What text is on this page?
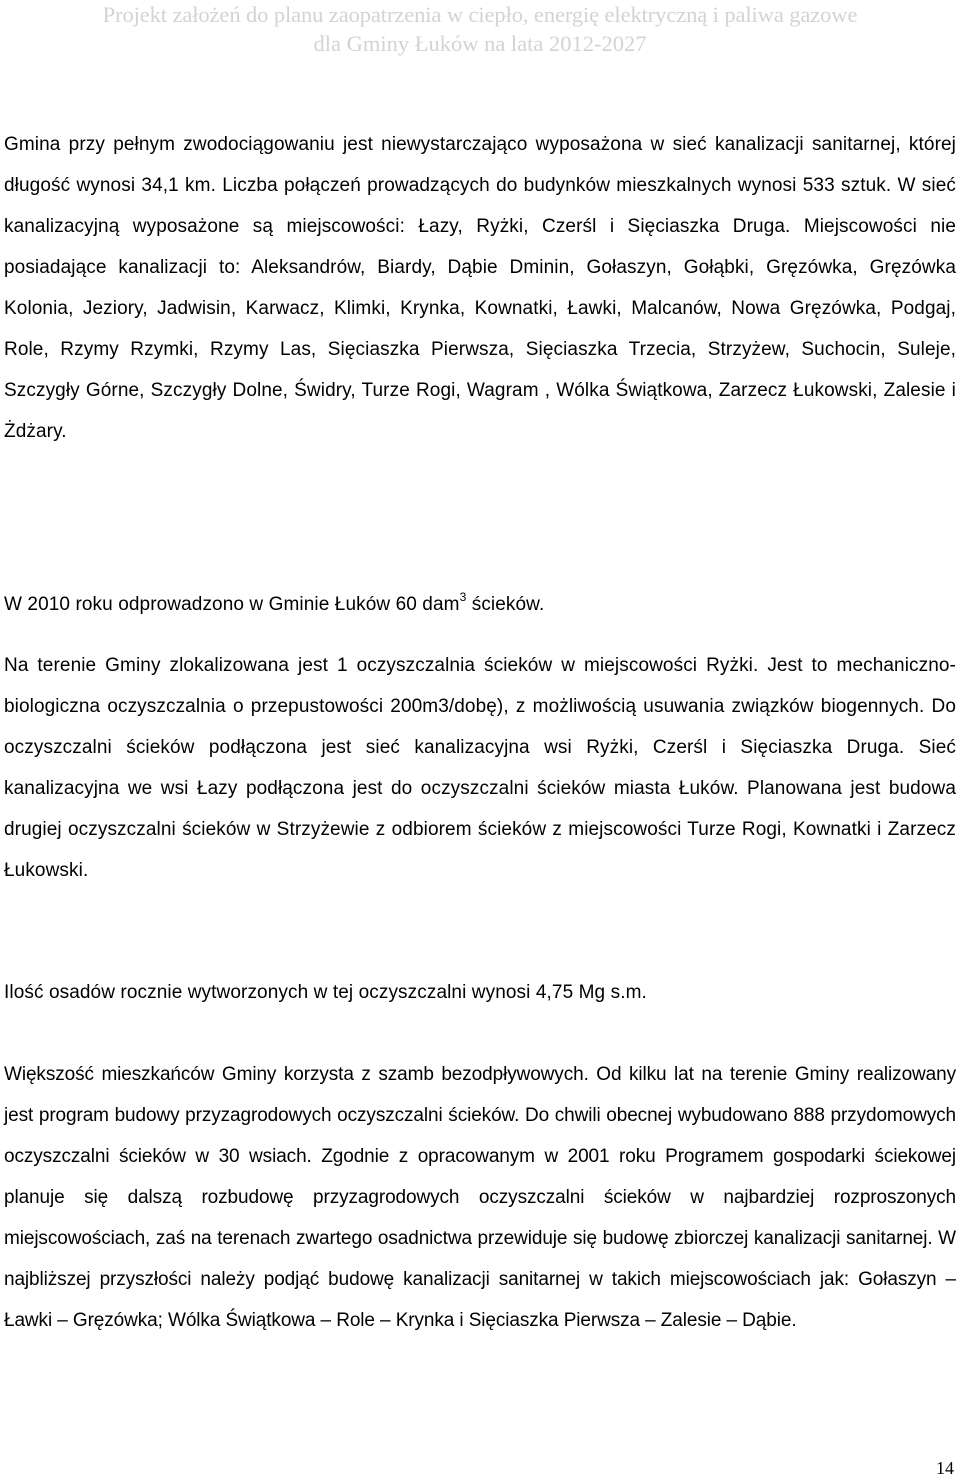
Projekt założeń do planu zaopatrzenia w ciepło, energię elektryczną i paliwa gazowe
dla Gminy Łuków na lata 2012-2027

Gmina przy pełnym zwodociągowaniu jest niewystarczająco wyposażona w sieć kanalizacji sanitarnej, której długość wynosi 34,1 km. Liczba połączeń prowadzących do budynków mieszkalnych wynosi 533 sztuk. W sieć kanalizacyjną wyposażone są miejscowości: Łazy, Ryżki, Czerśl i Sięciaszka Druga. Miejscowości nie posiadające kanalizacji to: Aleksandrów, Biardy, Dąbie Dminin, Gołaszyn, Gołąbki, Gręzówka, Gręzówka Kolonia, Jeziory, Jadwisin, Karwacz, Klimki, Krynka, Kownatki, Ławki, Malcanów, Nowa Gręzówka, Podgaj, Role, Rzymy Rzymki, Rzymy Las, Sięciaszka Pierwsza, Sięciaszka Trzecia, Strzyżew, Suchocin, Suleje, Szczygły Górne, Szczygły Dolne, Świdry, Turze Rogi, Wagram , Wólka Świątkowa, Zarzecz Łukowski, Zalesie i Żdżary.

W 2010 roku odprowadzono w Gminie Łuków 60 dam$^3$ ścieków.

Na terenie Gminy zlokalizowana jest 1 oczyszczalnia ścieków w miejscowości Ryżki. Jest to mechaniczno-biologiczna oczyszczalnia o przepustowości 200m3/dobę), z możliwością usuwania związków biogennych. Do oczyszczalni ścieków podłączona jest sieć kanalizacyjna wsi Ryżki, Czerśl i Sięciaszka Druga. Sieć kanalizacyjna we wsi Łazy podłączona jest do oczyszczalni ścieków miasta Łuków. Planowana jest budowa drugiej oczyszczalni ścieków w Strzyżewie z odbiorem ścieków z miejscowości Turze Rogi, Kownatki i Zarzecz Łukowski.

Ilość osadów rocznie wytworzonych w tej oczyszczalni wynosi 4,75 Mg s.m.

Większość mieszkańców Gminy korzysta z szamb bezodpływowych. Od kilku lat na terenie Gminy realizowany jest program budowy przyzagrodowych oczyszczalni ścieków. Do chwili obecnej wybudowano 888 przydomowych oczyszczalni ścieków w 30 wsiach. Zgodnie z opracowanym w 2001 roku Programem gospodarki ściekowej planuje się dalszą rozbudowę przyzagrodowych oczyszczalni ścieków w najbardziej rozproszonych miejscowościach, zaś na terenach zwartego osadnictwa przewiduje się budowę zbiorczej kanalizacji sanitarnej. W najbliższej przyszłości należy podjąć budowę kanalizacji sanitarnej w takich miejscowościach jak: Gołaszyn – Ławki – Gręzówka; Wólka Świątkowa – Role – Krynka i Sięciaszka Pierwsza – Zalesie – Dąbie.

14
